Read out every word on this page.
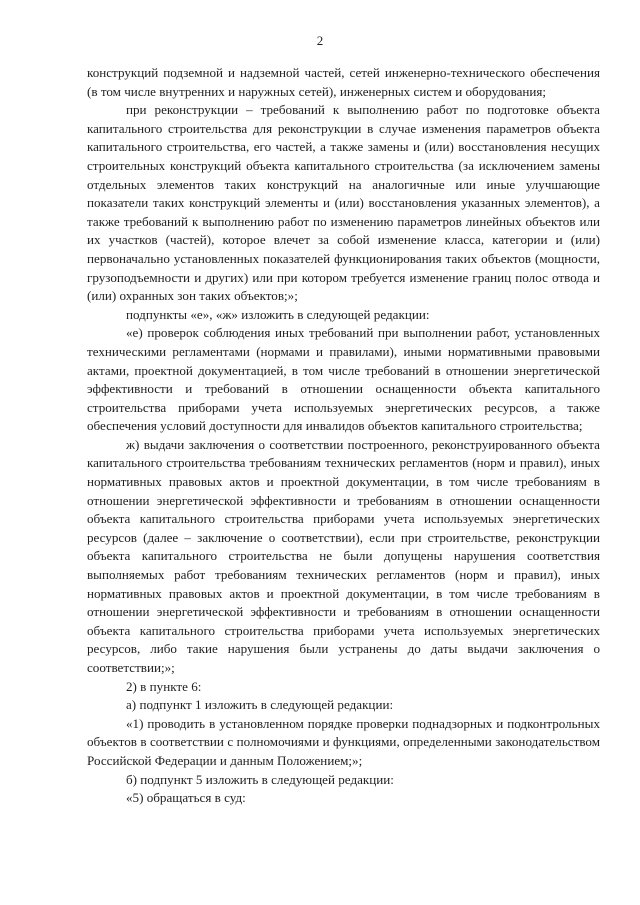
2

конструкций подземной и надземной частей, сетей инженерно-технического обеспечения (в том числе внутренних и наружных сетей), инженерных систем и оборудования;

при реконструкции – требований к выполнению работ по подготовке объекта капитального строительства для реконструкции в случае изменения параметров объекта капитального строительства, его частей, а также замены и (или) восстановления несущих строительных конструкций объекта капитального строительства (за исключением замены отдельных элементов таких конструкций на аналогичные или иные улучшающие показатели таких конструкций элементы и (или) восстановления указанных элементов), а также требований к выполнению работ по изменению параметров линейных объектов или их участков (частей), которое влечет за собой изменение класса, категории и (или) первоначально установленных показателей функционирования таких объектов (мощности, грузоподъемности и других) или при котором требуется изменение границ полос отвода и (или) охранных зон таких объектов;»;

подпункты «е», «ж» изложить в следующей редакции:

«е) проверок соблюдения иных требований при выполнении работ, установленных техническими регламентами (нормами и правилами), иными нормативными правовыми актами, проектной документацией, в том числе требований в отношении энергетической эффективности и требований в отношении оснащенности объекта капитального строительства приборами учета используемых энергетических ресурсов, а также обеспечения условий доступности для инвалидов объектов капитального строительства;

ж) выдачи заключения о соответствии построенного, реконструированного объекта капитального строительства требованиям технических регламентов (норм и правил), иных нормативных правовых актов и проектной документации, в том числе требованиям в отношении энергетической эффективности и требованиям в отношении оснащенности объекта капитального строительства приборами учета используемых энергетических ресурсов (далее – заключение о соответствии), если при строительстве, реконструкции объекта капитального строительства не были допущены нарушения соответствия выполняемых работ требованиям технических регламентов (норм и правил), иных нормативных правовых актов и проектной документации, в том числе требованиям в отношении энергетической эффективности и требованиям в отношении оснащенности объекта капитального строительства приборами учета используемых энергетических ресурсов, либо такие нарушения были устранены до даты выдачи заключения о соответствии;»;

2) в пункте 6:

а) подпункт 1 изложить в следующей редакции:

«1) проводить в установленном порядке проверки поднадзорных и подконтрольных объектов в соответствии с полномочиями и функциями, определенными законодательством Российской Федерации и данным Положением;»;

б) подпункт 5 изложить в следующей редакции:

«5) обращаться в суд:
